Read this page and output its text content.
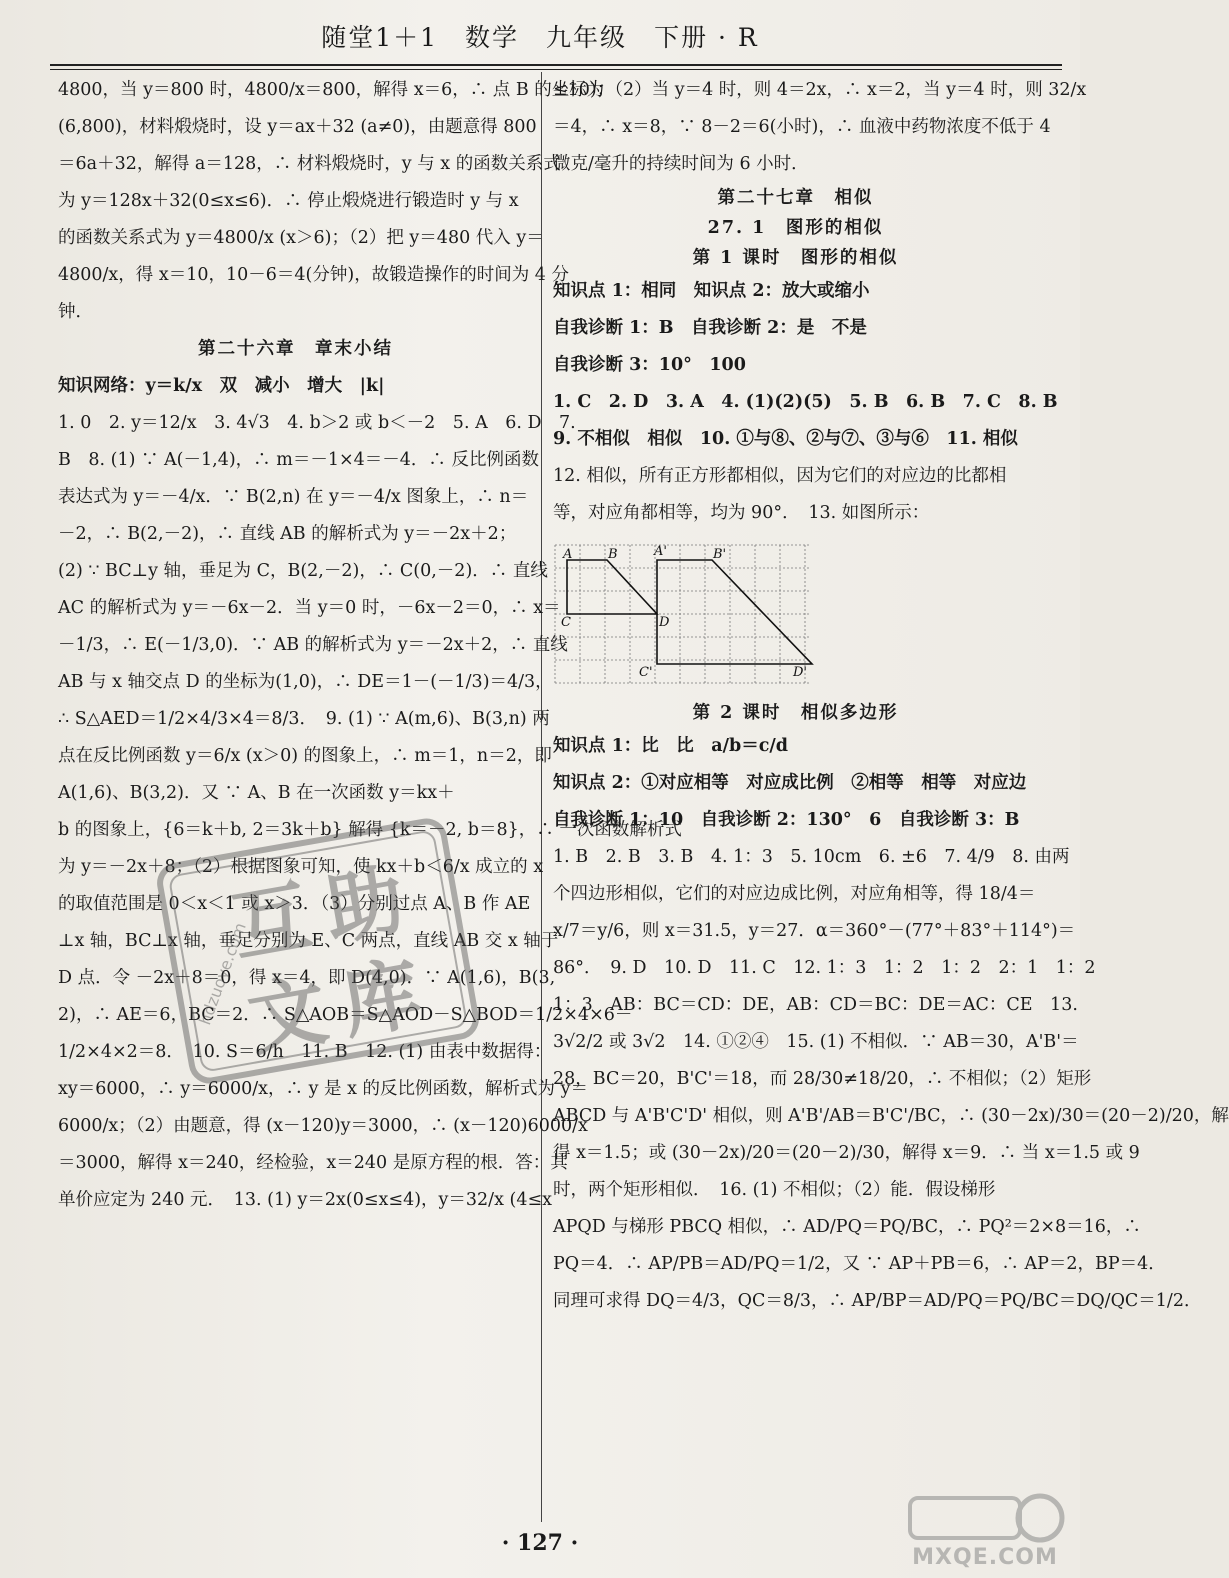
随堂1＋1　数学　九年级　下册 · R
4800，当 y＝800 时，4800/x＝800，解得 x＝6，∴ 点 B 的坐标为
(6,800)，材料煅烧时，设 y＝ax＋32 (a≠0)，由题意得 800
＝6a＋32，解得 a＝128，∴ 材料煅烧时，y 与 x 的函数关系式
为 y＝128x＋32(0≤x≤6)．∴ 停止煅烧进行锻造时 y 与 x
的函数关系式为 y＝4800/x (x＞6)；（2）把 y＝480 代入 y＝
4800/x，得 x＝10，10－6＝4(分钟)，故锻造操作的时间为 4 分
钟．
第二十六章　章末小结
知识网络：y＝k/x　双　减小　增大　|k|
1. 0　2. y＝12/x　3. 4√3　4. b＞2 或 b＜－2　5. A　6. D　7.
B　8. (1) ∵ A(－1,4)，∴ m＝－1×4＝－4．∴ 反比例函数
表达式为 y＝－4/x．∵ B(2,n) 在 y＝－4/x 图象上，∴ n＝
－2，∴ B(2,－2)，∴ 直线 AB 的解析式为 y＝－2x＋2；
(2) ∵ BC⊥y 轴，垂足为 C，B(2,－2)，∴ C(0,－2)．∴ 直线
AC 的解析式为 y＝－6x－2．当 y＝0 时，－6x－2＝0，∴ x＝
－1/3，∴ E(－1/3,0)．∵ AB 的解析式为 y＝－2x＋2，∴ 直线
AB 与 x 轴交点 D 的坐标为(1,0)，∴ DE＝1－(－1/3)＝4/3，
∴ S△AED＝1/2×4/3×4＝8/3．　9. (1) ∵ A(m,6)、B(3,n) 两
点在反比例函数 y＝6/x (x＞0) 的图象上，∴ m＝1，n＝2，即
A(1,6)、B(3,2)．又 ∵ A、B 在一次函数 y＝kx＋
b 的图象上，{6＝k＋b, 2＝3k＋b} 解得 {k＝－2, b＝8}，∴ 一次函数解析式
为 y＝－2x＋8；（2）根据图象可知，使 kx＋b＜6/x 成立的 x
的取值范围是 0＜x＜1 或 x＞3．（3）分别过点 A、B 作 AE
⊥x 轴，BC⊥x 轴，垂足分别为 E、C 两点，直线 AB 交 x 轴于
D 点．令 －2x＋8＝0，得 x＝4，即 D(4,0)．∵ A(1,6)，B(3,
2)，∴ AE＝6，BC＝2．∴ S△AOB＝S△AOD－S△BOD＝1/2×4×6－
1/2×4×2＝8．　10. S＝6/h　11. B　12. (1) 由表中数据得：
xy＝6000，∴ y＝6000/x，∴ y 是 x 的反比例函数，解析式为 y＝
6000/x；（2）由题意，得 (x－120)y＝3000，∴ (x－120)6000/x
＝3000，解得 x＝240，经检验，x＝240 是原方程的根．答：其
单价应定为 240 元．　13. (1) y＝2x(0≤x≤4)，y＝32/x (4≤x
≤10)；（2）当 y＝4 时，则 4＝2x，∴ x＝2，当 y＝4 时，则 32/x
＝4，∴ x＝8，∵ 8－2＝6(小时)，∴ 血液中药物浓度不低于 4
微克/毫升的持续时间为 6 小时．
第二十七章　相似
27. 1　图形的相似
第 1 课时　图形的相似
知识点 1：相同　知识点 2：放大或缩小
自我诊断 1：B　自我诊断 2：是　不是
自我诊断 3：10°　100
1. C　2. D　3. A　4. (1)(2)(5)　5. B　6. B　7. C　8. B
9. 不相似　相似　10. ①与⑧、②与⑦、③与⑥　11. 相似
12. 相似，所有正方形都相似，因为它们的对应边的比都相
等，对应角都相等，均为 90°．　13. 如图所示：
A	B	A'	B'
C	D
C'	D'
第 2 课时　相似多边形
知识点 1：比　比　a/b＝c/d
知识点 2：①对应相等　对应成比例　②相等　相等　对应边
自我诊断 1：10　自我诊断 2：130°　6　自我诊断 3：B
1. B　2. B　3. B　4. 1：3　5. 10cm　6. ±6　7. 4/9　8. 由两
个四边形相似，它们的对应边成比例，对应角相等，得 18/4＝
x/7＝y/6，则 x＝31.5，y＝27．α＝360°－(77°＋83°＋114°)＝
86°．　9. D　10. D　11. C　12. 1：3　1：2　1：2　2：1　1：2
1：3　AB：BC＝CD：DE，AB：CD＝BC：DE＝AC：CE　13.
3√2/2 或 3√2　14. ①②④　15. (1) 不相似．∵ AB＝30，A'B'＝
28，BC＝20，B'C'＝18，而 28/30≠18/20，∴ 不相似；（2）矩形
ABCD 与 A'B'C'D' 相似，则 A'B'/AB＝B'C'/BC，∴ (30－2x)/30＝(20－2)/20，解
得 x＝1.5；或 (30－2x)/20＝(20－2)/30，解得 x＝9．∴ 当 x＝1.5 或 9
时，两个矩形相似．　16. (1) 不相似；（2）能．假设梯形
APQD 与梯形 PBCQ 相似，∴ AD/PQ＝PQ/BC，∴ PQ²＝2×8＝16，∴
PQ＝4．∴ AP/PB＝AD/PQ＝1/2，又 ∵ AP＋PB＝6，∴ AP＝2，BP＝4．
同理可求得 DQ＝4/3，QC＝8/3，∴ AP/BP＝AD/PQ＝PQ/BC＝DQ/QC＝1/2．
互 助
文 库
hdzuoye.com
· 127 ·
MXQE.COM
